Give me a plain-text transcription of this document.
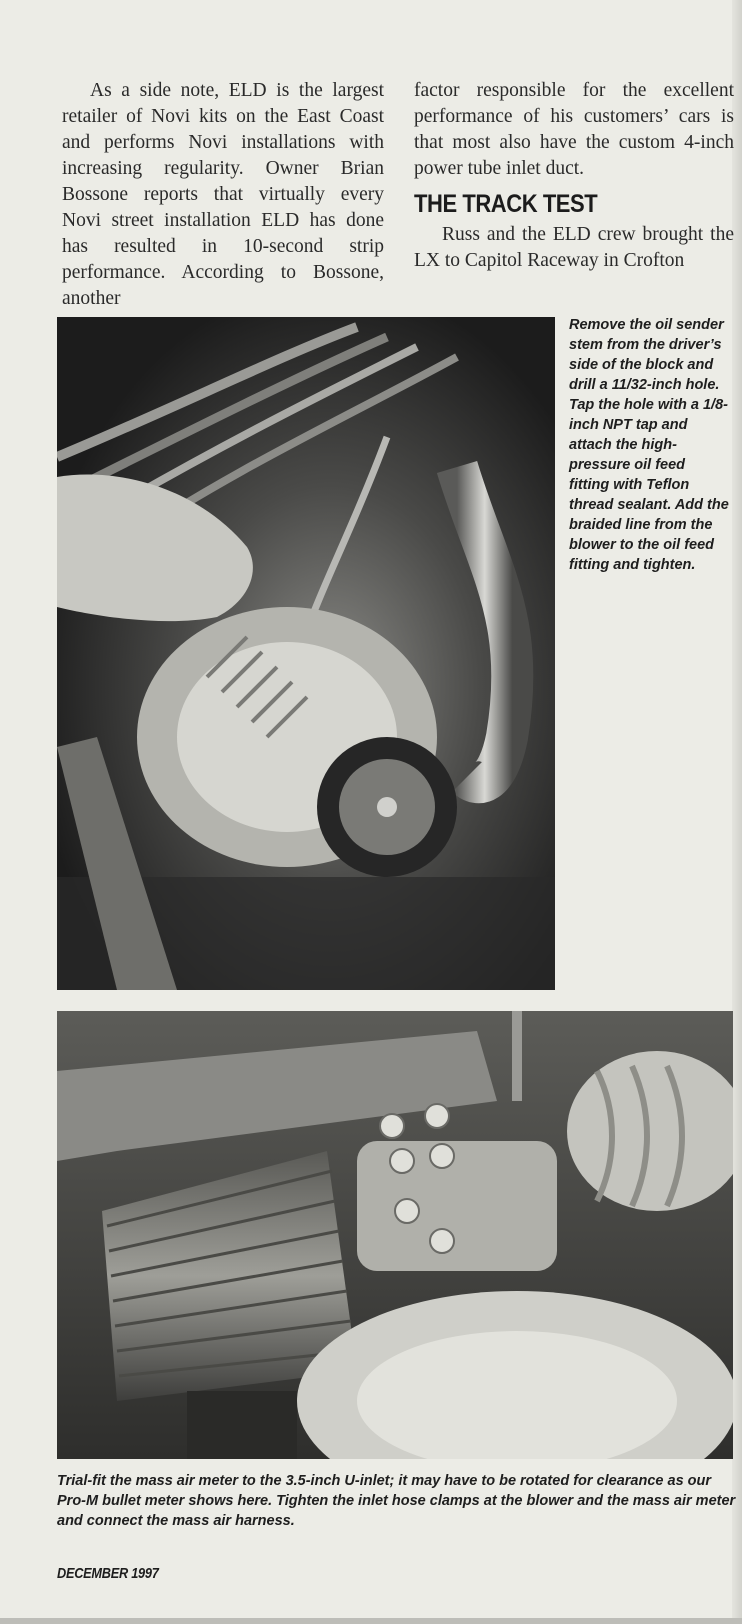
As a side note, ELD is the largest retailer of Novi kits on the East Coast and performs Novi installations with increasing regularity. Owner Brian Bossone reports that virtually every Novi street installation ELD has done has resulted in 10-second strip performance. According to Bossone, another

factor responsible for the excellent performance of his customers’ cars is that most also have the custom 4-inch power tube inlet duct.

THE TRACK TEST

Russ and the ELD crew brought the LX to Capitol Raceway in Crofton

Remove the oil sender stem from the driver’s side of the block and drill a 11/32-inch hole. Tap the hole with a 1/8-inch NPT tap and attach the high-pressure oil feed fitting with Teflon thread sealant. Add the braided line from the blower to the oil feed fitting and tighten.

Trial-fit the mass air meter to the 3.5-inch U-inlet; it may have to be rotated for clearance as our Pro-M bullet meter shows here. Tighten the inlet hose clamps at the blower and the mass air meter and connect the mass air harness.

DECEMBER 1997
